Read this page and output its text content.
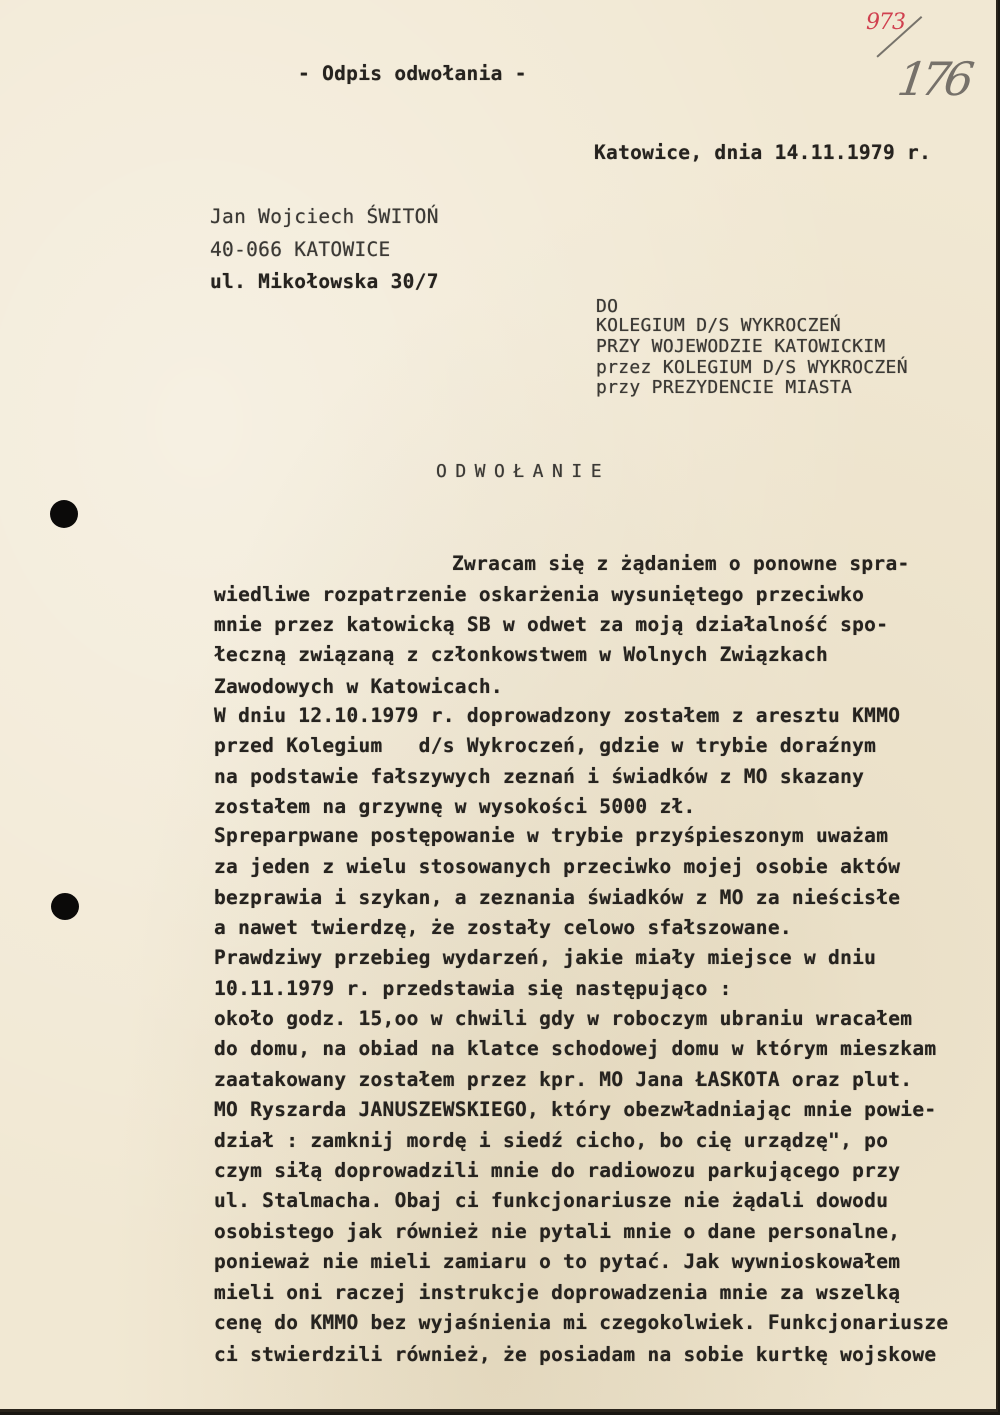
973
176
- Odpis odwołania -
Katowice, dnia 14.11.1979 r.
Jan Wojciech ŚWITOŃ
40-066 KATOWICE
ul. Mikołowska 30/7
DO
KOLEGIUM D/S WYKROCZEŃ
PRZY WOJEWODZIE KATOWICKIM
przez KOLEGIUM D/S WYKROCZEŃ
przy PREZYDENCIE MIASTA
ODWOŁANIE
Zwracam się z żądaniem o ponowne spra-
wiedliwe rozpatrzenie oskarżenia wysuniętego przeciwko
mnie przez katowicką SB w odwet za moją działalność spo-
łeczną związaną z członkowstwem w Wolnych Związkach
Zawodowych w Katowicach.
W dniu 12.10.1979 r. doprowadzony zostałem z aresztu KMMO
przed Kolegium   d/s Wykroczeń, gdzie w trybie doraźnym
na podstawie fałszywych zeznań i świadków z MO skazany
zostałem na grzywnę w wysokości 5000 zł.
Spreparpwane postępowanie w trybie przyśpieszonym uważam
za jeden z wielu stosowanych przeciwko mojej osobie aktów
bezprawia i szykan, a zeznania świadków z MO za nieścisłe
a nawet twierdzę, że zostały celowo sfałszowane.
Prawdziwy przebieg wydarzeń, jakie miały miejsce w dniu
10.11.1979 r. przedstawia się następująco :
około godz. 15,oo w chwili gdy w roboczym ubraniu wracałem
do domu, na obiad na klatce schodowej domu w którym mieszkam
zaatakowany zostałem przez kpr. MO Jana ŁASKOTA oraz plut.
MO Ryszarda JANUSZEWSKIEGO, który obezwładniając mnie powie-
dział : zamknij mordę i siedź cicho, bo cię urządzę", po
czym siłą doprowadzili mnie do radiowozu parkującego przy
ul. Stalmacha. Obaj ci funkcjonariusze nie żądali dowodu
osobistego jak również nie pytali mnie o dane personalne,
ponieważ nie mieli zamiaru o to pytać. Jak wywnioskowałem
mieli oni raczej instrukcje doprowadzenia mnie za wszelką
cenę do KMMO bez wyjaśnienia mi czegokolwiek. Funkcjonariusze
ci stwierdzili również, że posiadam na sobie kurtkę wojskowe
